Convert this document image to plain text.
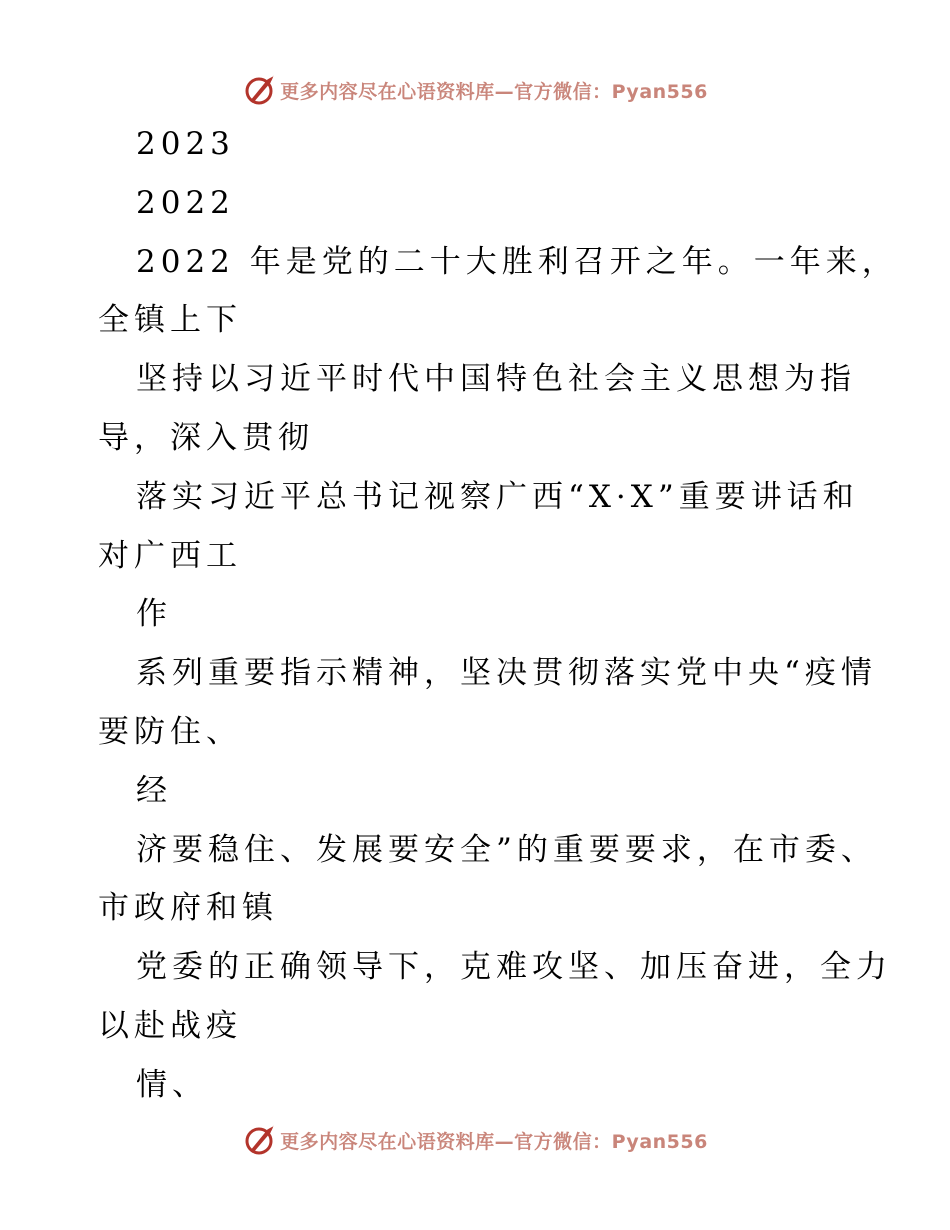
更多内容尽在心语资料库—官方微信：Pyan556
2023
2022
2022 年是党的二十大胜利召开之年。一年来，
全镇上下
坚持以习近平时代中国特色社会主义思想为指
导，深入贯彻
落实习近平总书记视察广西“X·X”重要讲话和
对广西工
作
系列重要指示精神，坚决贯彻落实党中央“疫情
要防住、
经
济要稳住、发展要安全”的重要要求，在市委、
市政府和镇
党委的正确领导下，克难攻坚、加压奋进，全力
以赴战疫
情、
更多内容尽在心语资料库—官方微信：Pyan556
